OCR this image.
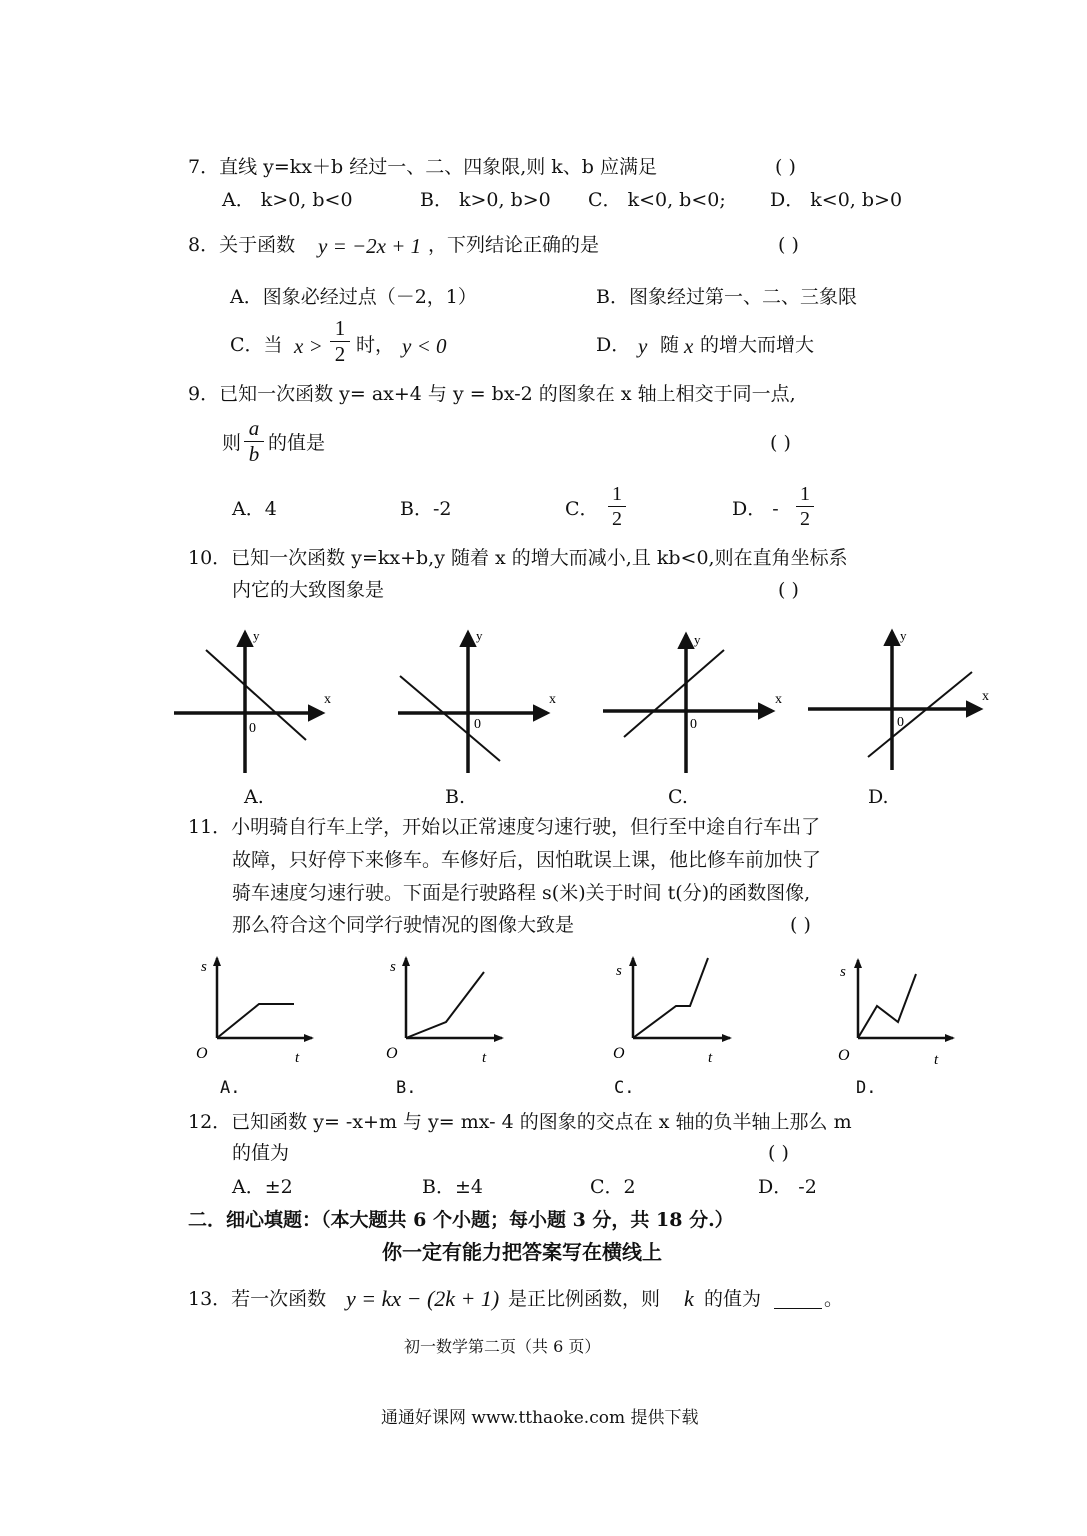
7．直线 y=kx＋b 经过一、二、四象限,则 k、b 应满足	( )
A． k>0, b<0	B． k>0, b>0 C． k<0, b<0; D． k<0, b>0
8．关于函数 y = −2x + 1 ，下列结论正确的是	( )
A．图象必经过点（－2，1）	B．图象经过第一、二、三象限
C．当 x >
1
2 时， y < 0	D． y 随 x 的增大而增大
9．已知一次函数 y= ax+4 与 y = bx-2 的图象在 x 轴上相交于同一点,
则
a
b 的值是	( )
A．4	B．-2	C．
1
2	D． -
1
2
10．已知一次函数 y=kx+b,y 随着 x 的增大而减小,且 kb<0,则在直角坐标系
内它的大致图象是	( )
y
x
0
y
x
0
y
x
0
y
x
0
s
t
O
s
t
O
s
t
O
s
t
O
A.	B.	C.	D.
11．小明骑自行车上学，开始以正常速度匀速行驶，但行至中途自行车出了
故障，只好停下来修车。车修好后，因怕耽误上课，他比修车前加快了
骑车速度匀速行驶。下面是行驶路程 s(米)关于时间 t(分)的函数图像,
那么符合这个同学行驶情况的图像大致是	( )
A.	B.	C.	D.
12．已知函数 y= -x+m 与 y= mx- 4 的图象的交点在 x 轴的负半轴上那么 m
的值为	( )
A．±2	B．±4	C．2	D． -2
二．细心填题：（本大题共 6 个小题；每小题 3 分，共 18 分.）
你一定有能力把答案写在横线上
13．若一次函数 y = kx − (2k + 1) 是正比例函数，则 k 的值为	。
初一数学第二页（共 6 页）
通通好课网 www.tthaoke.com 提供下载
